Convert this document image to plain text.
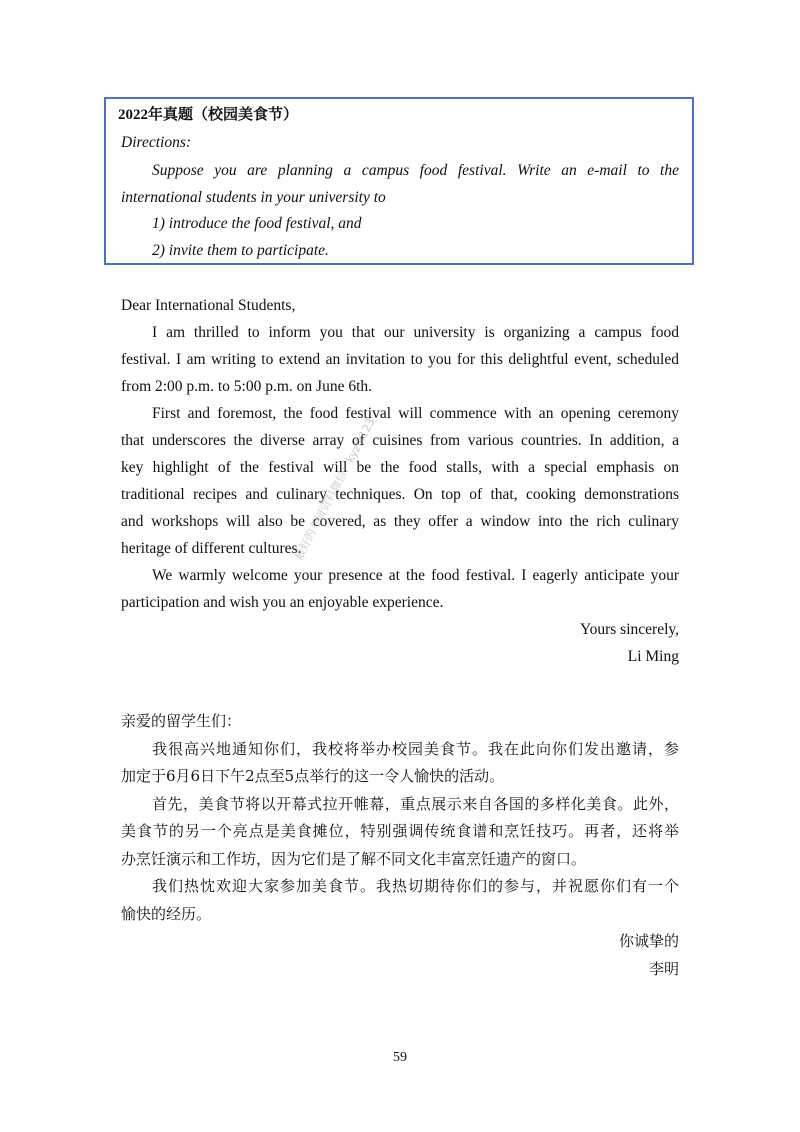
2022年真题（校园美食节）
Directions:
Suppose you are planning a campus food festival. Write an e-mail to the
international students in your university to
1) introduce the food festival, and
2) invite them to participate.
Dear International Students,
I am thrilled to inform you that our university is organizing a campus food
festival. I am writing to extend an invitation to you for this delightful event, scheduled
from 2:00 p.m. to 5:00 p.m. on June 6th.
First and foremost, the food festival will commence with an opening ceremony
that underscores the diverse array of cuisines from various countries. In addition, a
key highlight of the festival will be the food stalls, with a special emphasis on
traditional recipes and culinary techniques. On top of that, cooking demonstrations
and workshops will also be covered, as they offer a window into the rich culinary
heritage of different cultures.
We warmly welcome your presence at the food festival. I eagerly anticipate your
participation and wish you an enjoyable experience.
Yours sincerely,
Li Ming
最好的考研资料微信：kyzlk123
亲爱的留学生们：
我很高兴地通知你们，我校将举办校园美食节。我在此向你们发出邀请，参
加定于6月6日下午2点至5点举行的这一令人愉快的活动。
首先，美食节将以开幕式拉开帷幕，重点展示来自各国的多样化美食。此外，
美食节的另一个亮点是美食摊位，特别强调传统食谱和烹饪技巧。再者，还将举
办烹饪演示和工作坊，因为它们是了解不同文化丰富烹饪遗产的窗口。
我们热忱欢迎大家参加美食节。我热切期待你们的参与，并祝愿你们有一个
愉快的经历。
你诚挚的
李明
59
